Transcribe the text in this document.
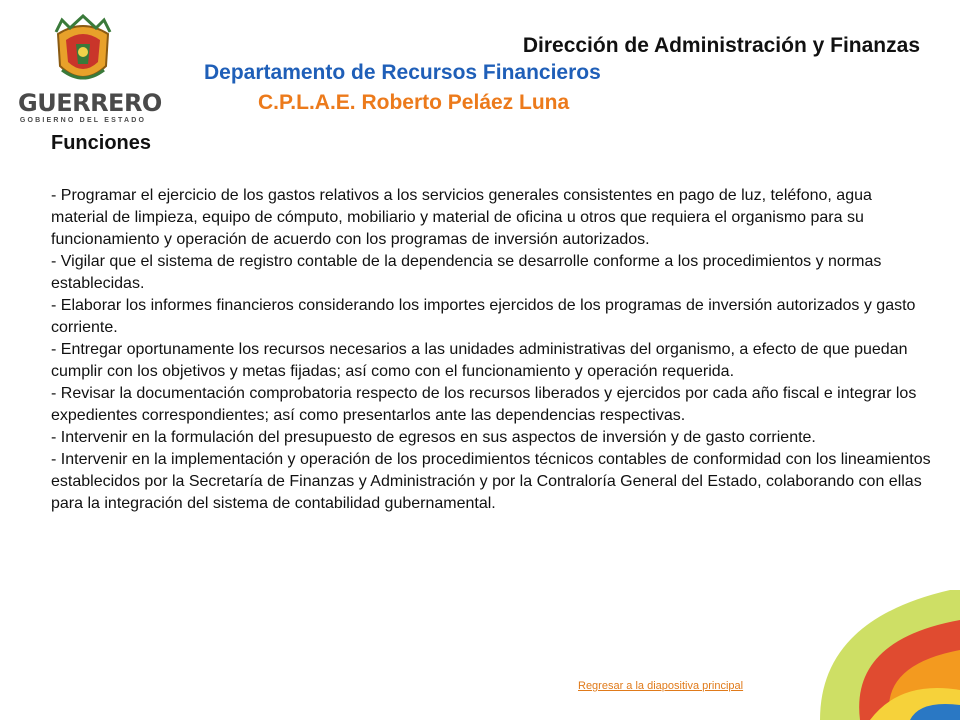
GUERRERO
GOBIERNO DEL ESTADO
Dirección de Administración y Finanzas
Departamento de Recursos Financieros
C.P.L.A.E. Roberto Peláez Luna
Funciones
- Programar el ejercicio de los gastos relativos a los servicios generales consistentes en pago de luz, teléfono, agua material de limpieza, equipo de cómputo, mobiliario y material de oficina u otros que requiera el organismo para su funcionamiento y operación de acuerdo con los programas de inversión autorizados.
- Vigilar que el sistema de registro contable de la dependencia se desarrolle conforme a los procedimientos y normas establecidas.
- Elaborar los informes financieros considerando los importes ejercidos de los programas de inversión autorizados y gasto corriente.
- Entregar oportunamente los recursos necesarios a las unidades administrativas del organismo, a efecto de que puedan cumplir con los objetivos y metas fijadas; así como con el funcionamiento y operación requerida.
- Revisar la documentación comprobatoria respecto de los recursos liberados y ejercidos por cada año fiscal e integrar los expedientes correspondientes; así como presentarlos ante las dependencias respectivas.
- Intervenir en la formulación del presupuesto de egresos en sus aspectos de inversión y de gasto corriente.
- Intervenir en la implementación y operación de los procedimientos técnicos contables de conformidad con los lineamientos establecidos por la Secretaría de Finanzas y Administración y por la Contraloría General del Estado, colaborando con ellas para la integración del sistema de contabilidad gubernamental.
Regresar a la diapositiva principal
